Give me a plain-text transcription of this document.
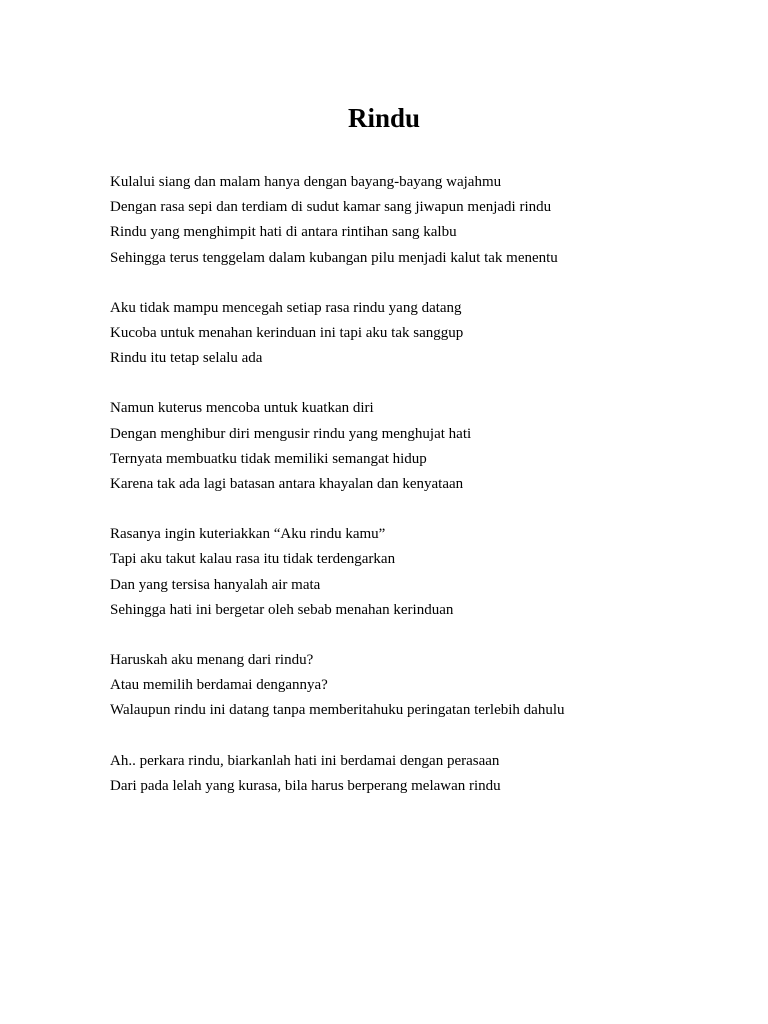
Rindu
Kulalui siang dan malam hanya dengan bayang-bayang wajahmu
Dengan rasa sepi dan terdiam di sudut kamar sang jiwapun menjadi rindu
Rindu yang menghimpit hati di antara rintihan sang kalbu
Sehingga terus tenggelam dalam kubangan pilu menjadi kalut tak menentu
Aku tidak mampu mencegah setiap rasa rindu yang datang
Kucoba untuk menahan kerinduan ini tapi aku tak sanggup
Rindu itu tetap selalu ada
Namun kuterus mencoba untuk kuatkan diri
Dengan menghibur diri mengusir rindu yang menghujat hati
Ternyata membuatku tidak memiliki semangat hidup
Karena tak ada lagi batasan antara khayalan dan kenyataan
Rasanya ingin kuteriakkan “Aku rindu kamu”
Tapi aku takut kalau rasa itu tidak terdengarkan
Dan yang tersisa hanyalah air mata
Sehingga hati ini bergetar oleh sebab menahan kerinduan
Haruskah aku menang dari rindu?
Atau memilih berdamai dengannya?
Walaupun rindu ini datang tanpa memberitahuku peringatan terlebih dahulu
Ah.. perkara rindu, biarkanlah hati ini berdamai dengan perasaan
Dari pada lelah yang kurasa, bila harus berperang melawan rindu
